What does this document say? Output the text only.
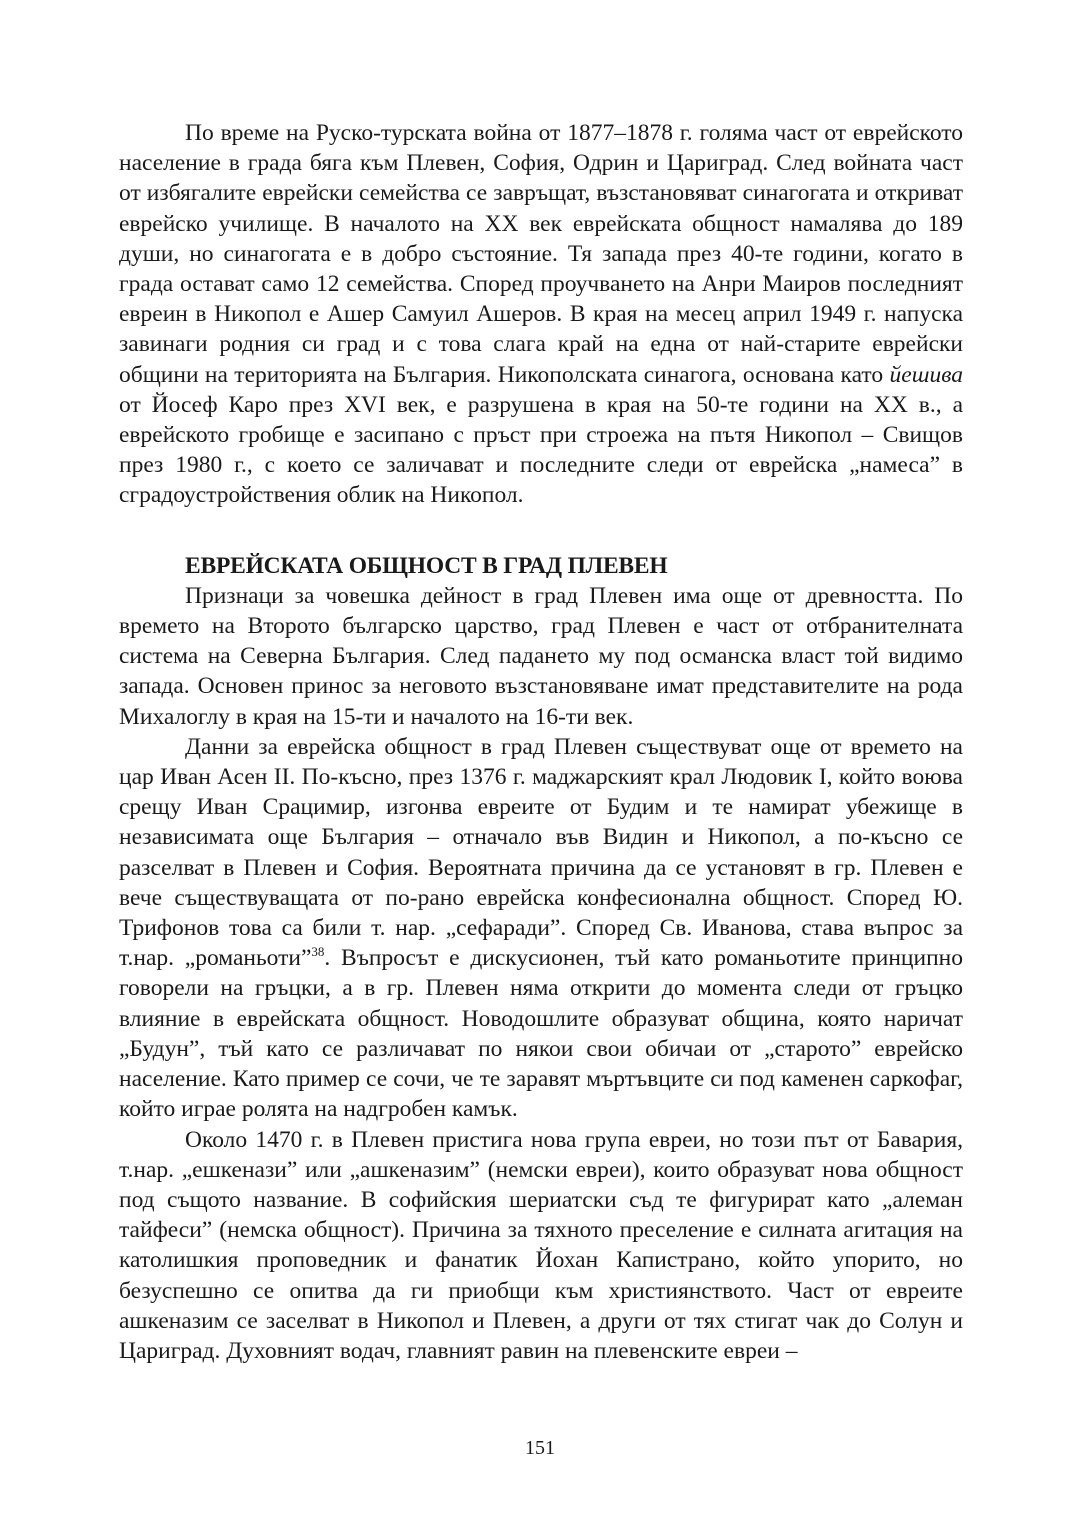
По време на Руско-турската война от 1877–1878 г. голяма част от еврейското население в града бяга към Плевен, София, Одрин и Цариград. След войната част от избягалите еврейски семейства се завръщат, възстановяват синагогата и откриват еврейско училище. В началото на XX век еврейската общност намалява до 189 души, но синагогата е в добро състояние. Тя запада през 40-те години, когато в града остават само 12 семейства. Според проучването на Анри Маиров последният евреин в Никопол е Ашер Самуил Ашеров. В края на месец април 1949 г. напуска завинаги родния си град и с това слага край на една от най-старите еврейски общини на територията на България. Никополската синагога, основана като йешива от Йосеф Каро през XVI век, е разрушена в края на 50-те години на XX в., а еврейското гробище е засипано с пръст при строежа на пътя Никопол – Свищов през 1980 г., с което се заличават и последните следи от еврейска „намеса” в сградоустройствения облик на Никопол.

ЕВРЕЙСКАТА ОБЩНОСТ В ГРАД ПЛЕВЕН

Признаци за човешка дейност в град Плевен има още от древността. По времето на Второто българско царство, град Плевен е част от отбранителната система на Северна България. След падането му под османска власт той видимо запада. Основен принос за неговото възстановяване имат представителите на рода Михалоглу в края на 15-ти и началото на 16-ти век.

Данни за еврейска общност в град Плевен съществуват още от времето на цар Иван Асен II. По-късно, през 1376 г. маджарският крал Людовик I, който воюва срещу Иван Срацимир, изгонва евреите от Будим и те намират убежище в независимата още България – отначало във Видин и Никопол, а по-късно се разселват в Плевен и София. Вероятната причина да се установят в гр. Плевен е вече съществуващата от по-рано еврейска конфесионална общност. Според Ю. Трифонов това са били т. нар. „сефаради”. Според Св. Иванова, става въпрос за т.нар. „романьоти”$^{38}$. Въпросът е дискусионен, тъй като романьотите принципно говорели на гръцки, а в гр. Плевен няма открити до момента следи от гръцко влияние в еврейската общност. Новодошлите образуват община, която наричат „Будун”, тъй като се различават по някои свои обичаи от „старото” еврейско население. Като пример се сочи, че те заравят мъртъвците си под каменен саркофаг, който играе ролята на надгробен камък.

Около 1470 г. в Плевен пристига нова група евреи, но този път от Бавария, т.нар. „ешкенази” или „ашкеназим” (немски евреи), които образуват нова общност под същото название. В софийския шериатски съд те фигурират като „алеман тайфеси” (немска общност). Причина за тяхното преселение е силната агитация на католишкия проповедник и фанатик Йохан Капистрано, който упорито, но безуспешно се опитва да ги приобщи към християнството. Част от евреите ашкеназим се заселват в Никопол и Плевен, а други от тях стигат чак до Солун и Цариград. Духовният водач, главният равин на плевенските евреи –

151
